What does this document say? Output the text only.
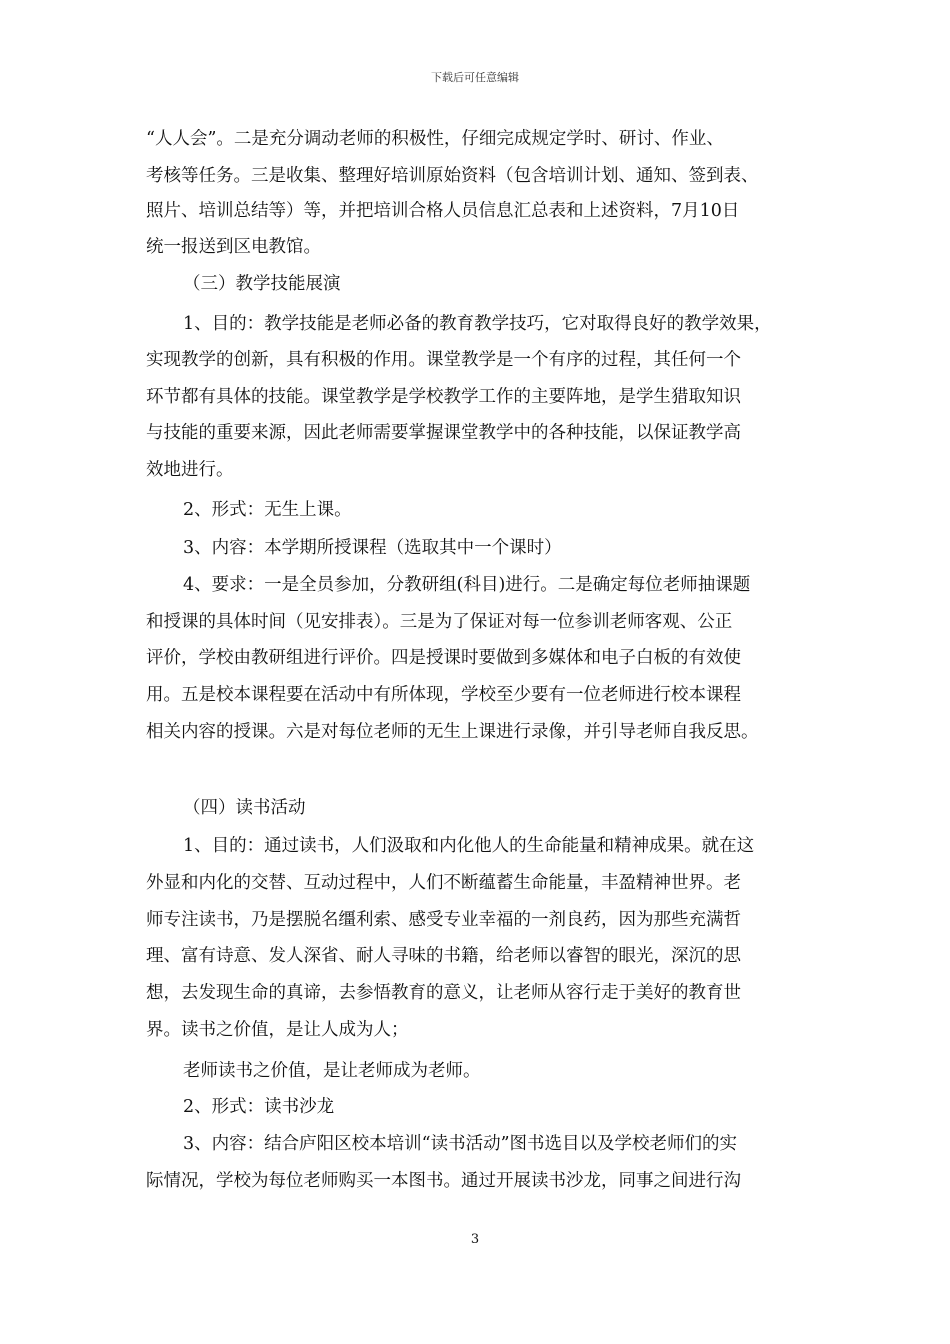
下载后可任意编辑
“人人会”。二是充分调动老师的积极性，仔细完成规定学时、研讨、作业、
考核等任务。三是收集、整理好培训原始资料（包含培训计划、通知、签到表、
照片、培训总结等）等，并把培训合格人员信息汇总表和上述资料，7月10日
统一报送到区电教馆。
（三）教学技能展演
1、目的：教学技能是老师必备的教育教学技巧，它对取得良好的教学效果，
实现教学的创新，具有积极的作用。课堂教学是一个有序的过程，其任何一个
环节都有具体的技能。课堂教学是学校教学工作的主要阵地，是学生猎取知识
与技能的重要来源，因此老师需要掌握课堂教学中的各种技能，以保证教学高
效地进行。
2、形式：无生上课。
3、内容：本学期所授课程（选取其中一个课时）
4、要求：一是全员参加，分教研组(科目)进行。二是确定每位老师抽课题
和授课的具体时间（见安排表）。三是为了保证对每一位参训老师客观、公正
评价，学校由教研组进行评价。四是授课时要做到多媒体和电子白板的有效使
用。五是校本课程要在活动中有所体现，学校至少要有一位老师进行校本课程
相关内容的授课。六是对每位老师的无生上课进行录像，并引导老师自我反思。
（四）读书活动
1、目的：通过读书，人们汲取和内化他人的生命能量和精神成果。就在这
外显和内化的交替、互动过程中，人们不断蕴蓄生命能量，丰盈精神世界。老
师专注读书，乃是摆脱名缰利索、感受专业幸福的一剂良药，因为那些充满哲
理、富有诗意、发人深省、耐人寻味的书籍，给老师以睿智的眼光，深沉的思
想，去发现生命的真谛，去参悟教育的意义，让老师从容行走于美好的教育世
界。读书之价值，是让人成为人；
老师读书之价值，是让老师成为老师。
2、形式：读书沙龙
3、内容：结合庐阳区校本培训“读书活动”图书选目以及学校老师们的实
际情况，学校为每位老师购买一本图书。通过开展读书沙龙，同事之间进行沟
3
